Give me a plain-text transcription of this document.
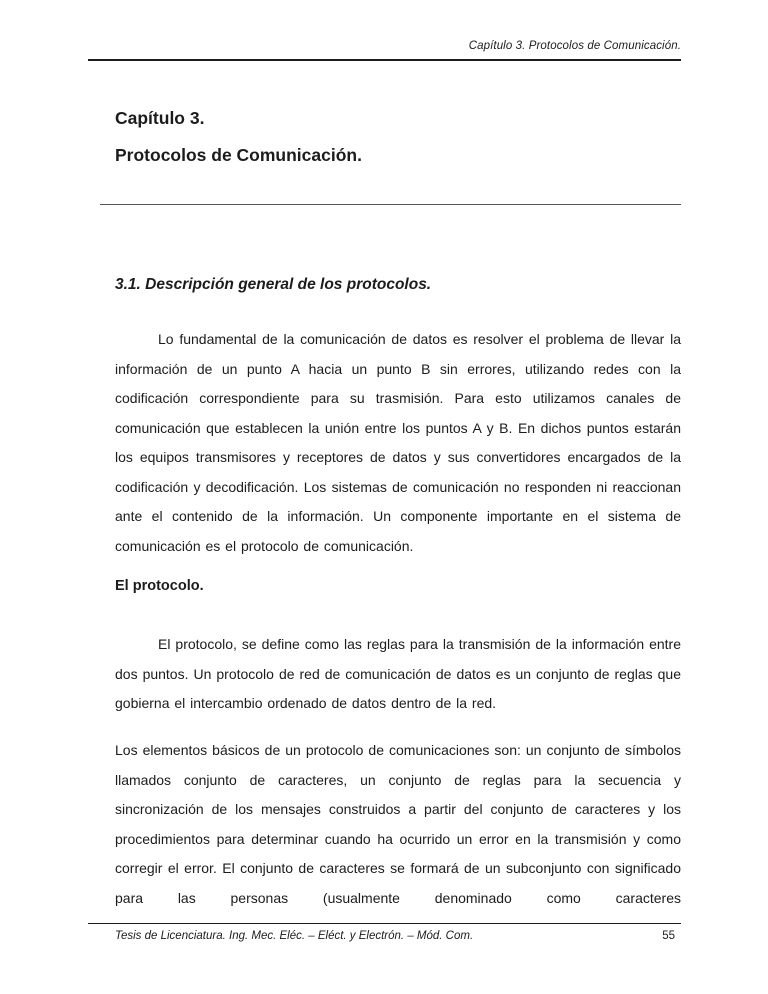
Capítulo 3. Protocolos de Comunicación.
Capítulo 3.
Protocolos de Comunicación.
3.1. Descripción general de los protocolos.

Lo fundamental de la comunicación de datos es resolver el problema de llevar la información de un punto A hacia un punto B sin errores, utilizando redes con la codificación correspondiente para su trasmisión. Para esto utilizamos canales de comunicación que establecen la unión entre los puntos A y B. En dichos puntos estarán los equipos transmisores y receptores de datos y sus convertidores encargados de la codificación y decodificación. Los sistemas de comunicación no responden ni reaccionan ante el contenido de la información. Un componente importante en el sistema de comunicación es el protocolo de comunicación.

El protocolo.

El protocolo, se define como las reglas para la transmisión de la información entre dos puntos. Un protocolo de red de comunicación de datos es un conjunto de reglas que gobierna el intercambio ordenado de datos dentro de la red.

Los elementos básicos de un protocolo de comunicaciones son: un conjunto de símbolos llamados conjunto de caracteres, un conjunto de reglas para la secuencia y sincronización de los mensajes construidos a partir del conjunto de caracteres y los procedimientos para determinar cuando ha ocurrido un error en la transmisión y como corregir el error. El conjunto de caracteres se formará de un subconjunto con significado para las personas (usualmente denominado como caracteres

Tesis de Licenciatura. Ing. Mec. Eléc. – Eléct. y Electrón. – Mód. Com.	55
